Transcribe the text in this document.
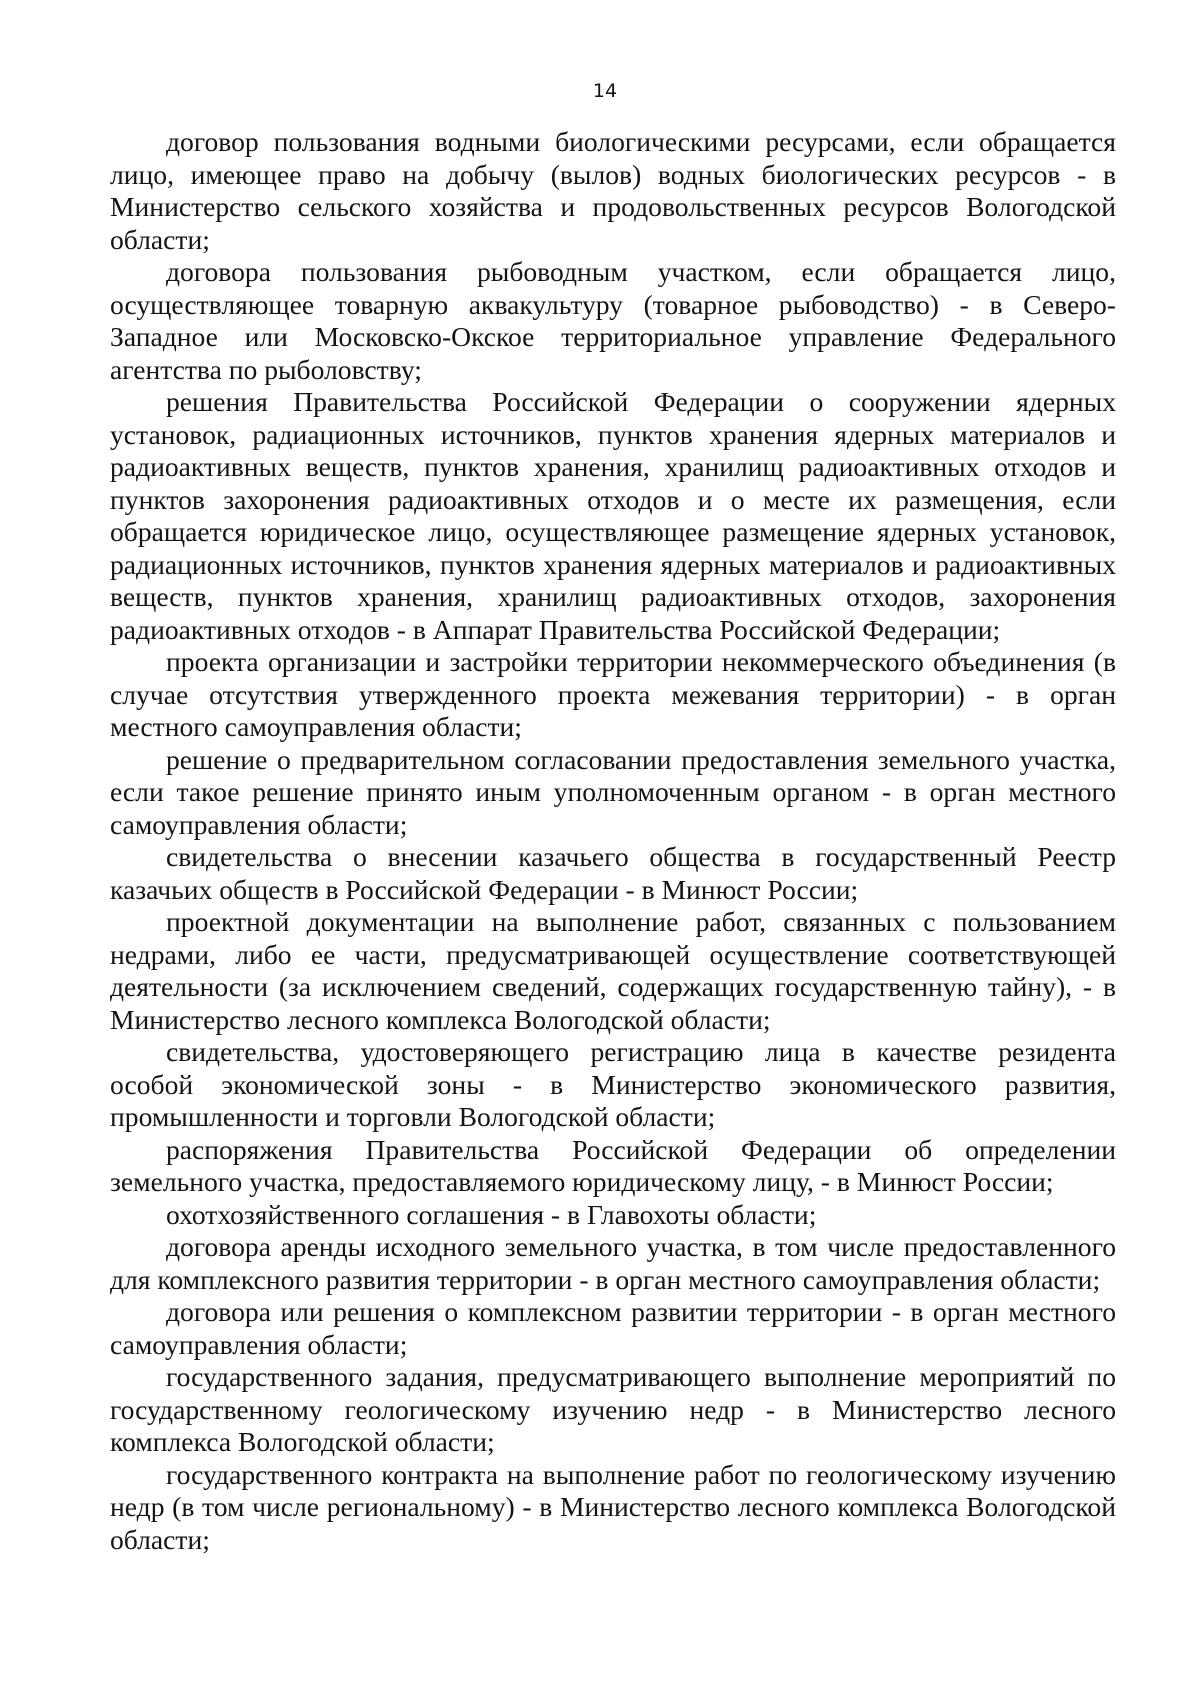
14

договор пользования водными биологическими ресурсами, если обращается лицо, имеющее право на добычу (вылов) водных биологических ресурсов - в Министерство сельского хозяйства и продовольственных ресурсов Вологодской области;

договора пользования рыбоводным участком, если обращается лицо, осуществляющее товарную аквакультуру (товарное рыбоводство) - в Северо-Западное или Московско-Окское территориальное управление Федерального агентства по рыболовству;

решения Правительства Российской Федерации о сооружении ядерных установок, радиационных источников, пунктов хранения ядерных материалов и радиоактивных веществ, пунктов хранения, хранилищ радиоактивных отходов и пунктов захоронения радиоактивных отходов и о месте их размещения, если обращается юридическое лицо, осуществляющее размещение ядерных установок, радиационных источников, пунктов хранения ядерных материалов и радиоактивных веществ, пунктов хранения, хранилищ радиоактивных отходов, захоронения радиоактивных отходов - в Аппарат Правительства Российской Федерации;

проекта организации и застройки территории некоммерческого объединения (в случае отсутствия утвержденного проекта межевания территории) - в орган местного самоуправления области;

решение о предварительном согласовании предоставления земельного участка, если такое решение принято иным уполномоченным органом - в орган местного самоуправления области;

свидетельства о внесении казачьего общества в государственный Реестр казачьих обществ в Российской Федерации - в Минюст России;

проектной документации на выполнение работ, связанных с пользованием недрами, либо ее части, предусматривающей осуществление соответствующей деятельности (за исключением сведений, содержащих государственную тайну), - в Министерство лесного комплекса Вологодской области;

свидетельства, удостоверяющего регистрацию лица в качестве резидента особой экономической зоны - в Министерство экономического развития, промышленности и торговли Вологодской области;

распоряжения Правительства Российской Федерации об определении земельного участка, предоставляемого юридическому лицу, - в Минюст России;

охотхозяйственного соглашения - в Главохоты области;

договора аренды исходного земельного участка, в том числе предоставленного для комплексного развития территории - в орган местного самоуправления области;

договора или решения о комплексном развитии территории - в орган местного самоуправления области;

государственного задания, предусматривающего выполнение мероприятий по государственному геологическому изучению недр - в Министерство лесного комплекса Вологодской области;

государственного контракта на выполнение работ по геологическому изучению недр (в том числе региональному) - в Министерство лесного комплекса Вологодской области;
